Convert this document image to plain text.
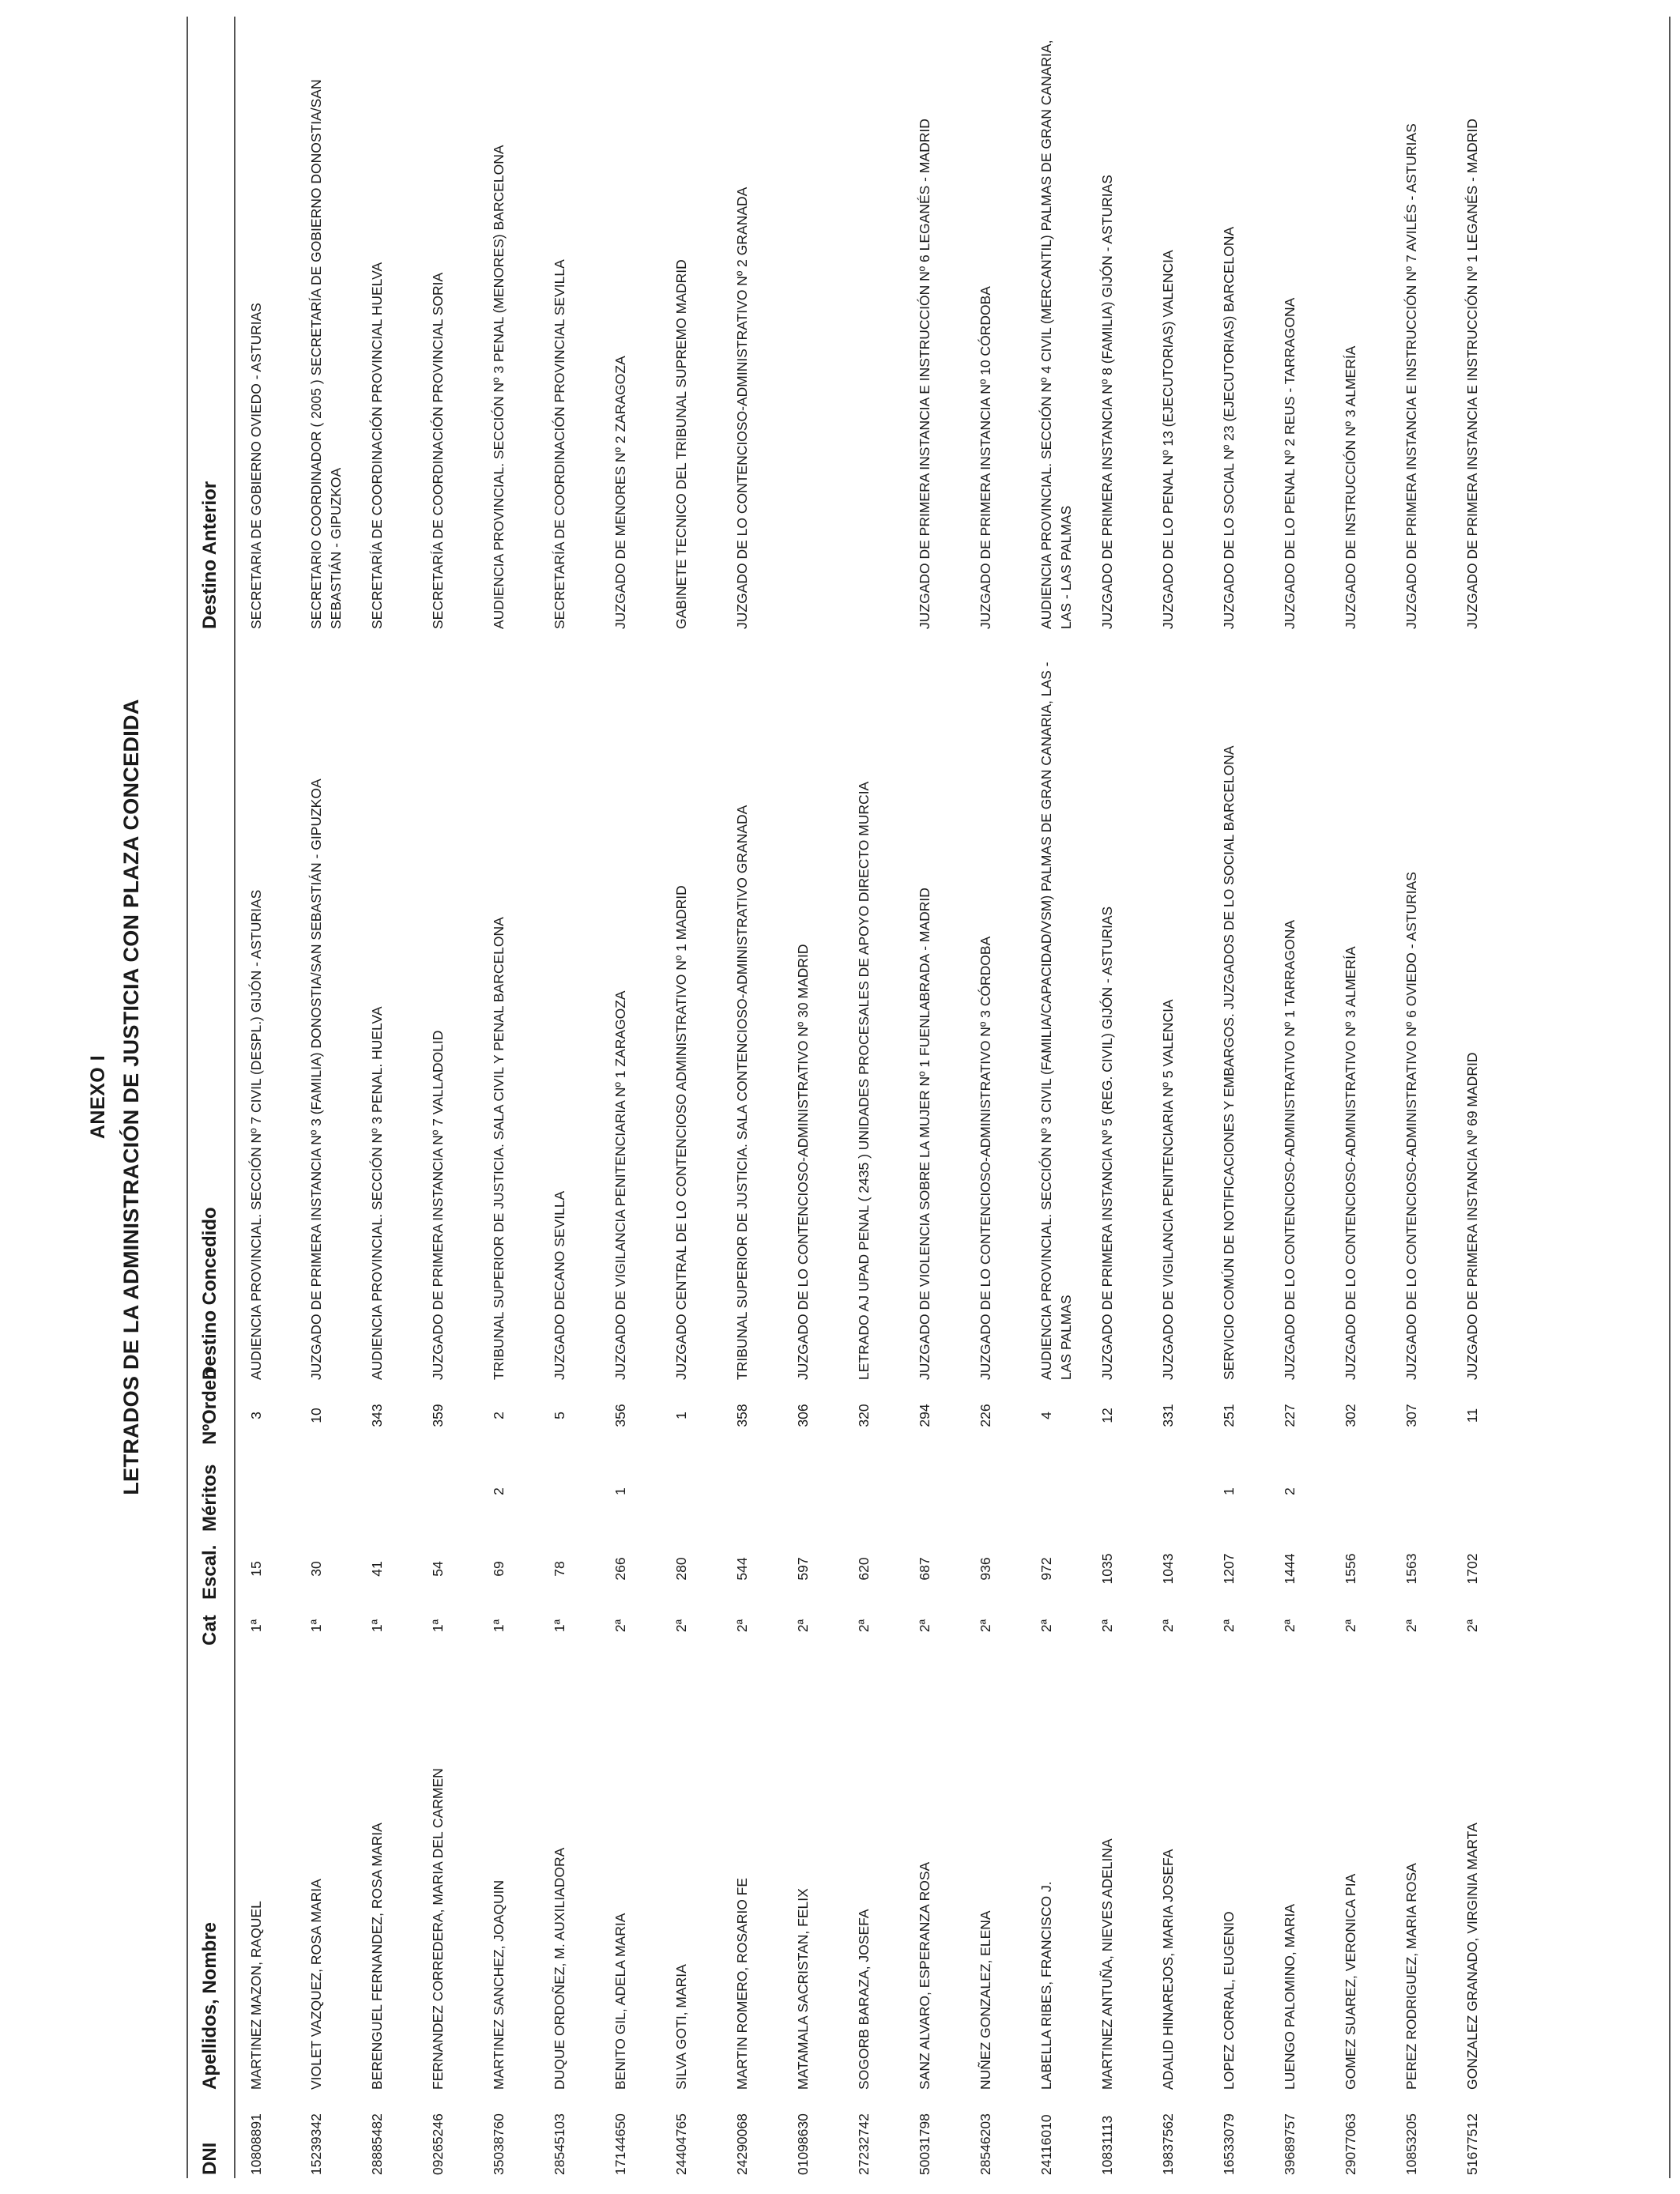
ANEXO I LETRADOS DE LA ADMINISTRACIÓN DE JUSTICIA CON PLAZA CONCEDIDA
DNI	Apellidos, Nombre	Cat	Escal.	Méritos	NºOrden	Destino Concedido	Destino Anterior
10808891	MARTINEZ MAZON, RAQUEL	1ª	15		3	AUDIENCIA PROVINCIAL. SECCIÓN Nº 7 CIVIL (DESPL.) GIJÓN - ASTURIAS	SECRETARIA DE GOBIERNO OVIEDO - ASTURIAS
15239342	VIOLET VAZQUEZ, ROSA MARIA	1ª	30		10	JUZGADO DE PRIMERA INSTANCIA Nº 3 (FAMILIA) DONOSTIA/SAN SEBASTIÁN - GIPUZKOA	SECRETARIO COORDINADOR ( 2005 ) SECRETARÍA DE GOBIERNO DONOSTIA/SAN SEBASTIÁN - GIPUZKOA
28885482	BERENGUEL FERNANDEZ, ROSA MARIA	1ª	41		343	AUDIENCIA PROVINCIAL. SECCIÓN Nº 3 PENAL. HUELVA	SECRETARÍA DE COORDINACIÓN PROVINCIAL HUELVA
09265246	FERNANDEZ CORREDERA, MARIA DEL CARMEN	1ª	54		359	JUZGADO DE PRIMERA INSTANCIA Nº 7 VALLADOLID	SECRETARÍA DE COORDINACIÓN PROVINCIAL SORIA
35038760	MARTINEZ SANCHEZ, JOAQUIN	1ª	69	2	2	TRIBUNAL SUPERIOR DE JUSTICIA. SALA CIVIL Y PENAL BARCELONA	AUDIENCIA PROVINCIAL. SECCIÓN Nº 3 PENAL (MENORES) BARCELONA
28545103	DUQUE ORDOÑEZ, M. AUXILIADORA	1ª	78		5	JUZGADO DECANO SEVILLA	SECRETARÍA DE COORDINACIÓN PROVINCIAL SEVILLA
17144650	BENITO GIL, ADELA MARIA	2ª	266	1	356	JUZGADO DE VIGILANCIA PENITENCIARIA Nº 1 ZARAGOZA	JUZGADO DE MENORES Nº 2 ZARAGOZA
24404765	SILVA GOTI, MARIA	2ª	280		1	JUZGADO CENTRAL DE LO CONTENCIOSO ADMINISTRATIVO Nº 1 MADRID	GABINETE TECNICO DEL TRIBUNAL SUPREMO MADRID
24290068	MARTIN ROMERO, ROSARIO FE	2ª	544		358	TRIBUNAL SUPERIOR DE JUSTICIA. SALA CONTENCIOSO-ADMINISTRATIVO GRANADA	JUZGADO DE LO CONTENCIOSO-ADMINISTRATIVO Nº 2 GRANADA
01098630	MATAMALA SACRISTAN, FELIX	2ª	597		306	JUZGADO DE LO CONTENCIOSO-ADMINISTRATIVO Nº 30 MADRID	
27232742	SOGORB BARAZA, JOSEFA	2ª	620		320	LETRADO AJ UPAD PENAL ( 2435 ) UNIDADES PROCESALES DE APOYO DIRECTO MURCIA	
50031798	SANZ ALVARO, ESPERANZA ROSA	2ª	687		294	JUZGADO DE VIOLENCIA SOBRE LA MUJER Nº 1 FUENLABRADA - MADRID	JUZGADO DE PRIMERA INSTANCIA E INSTRUCCIÓN Nº 6 LEGANÉS - MADRID
28546203	NUÑEZ GONZALEZ, ELENA	2ª	936		226	JUZGADO DE LO CONTENCIOSO-ADMINISTRATIVO Nº 3 CÓRDOBA	JUZGADO DE PRIMERA INSTANCIA Nº 10 CÓRDOBA
24116010	LABELLA RIBES, FRANCISCO J.	2ª	972		4	AUDIENCIA PROVINCIAL. SECCIÓN Nº 3 CIVIL (FAMILIA/CAPACIDAD/VSM) PALMAS DE GRAN CANARIA, LAS - LAS PALMAS	AUDIENCIA PROVINCIAL. SECCIÓN Nº 4 CIVIL (MERCANTIL) PALMAS DE GRAN CANARIA, LAS - LAS PALMAS
10831113	MARTINEZ ANTUÑA, NIEVES ADELINA	2ª	1035		12	JUZGADO DE PRIMERA INSTANCIA Nº 5 (REG. CIVIL) GIJÓN - ASTURIAS	JUZGADO DE PRIMERA INSTANCIA Nº 8 (FAMILIA) GIJÓN - ASTURIAS
19837562	ADALID HINAREJOS, MARIA JOSEFA	2ª	1043		331	JUZGADO DE VIGILANCIA PENITENCIARIA Nº 5 VALENCIA	JUZGADO DE LO PENAL Nº 13 (EJECUTORIAS) VALENCIA
16533079	LOPEZ CORRAL, EUGENIO	2ª	1207	1	251	SERVICIO COMÚN DE NOTIFICACIONES Y EMBARGOS. JUZGADOS DE LO SOCIAL BARCELONA	JUZGADO DE LO SOCIAL Nº 23 (EJECUTORIAS) BARCELONA
39689757	LUENGO PALOMINO, MARIA	2ª	1444	2	227	JUZGADO DE LO CONTENCIOSO-ADMINISTRATIVO Nº 1 TARRAGONA	JUZGADO DE LO PENAL Nº 2 REUS - TARRAGONA
29077063	GOMEZ SUAREZ, VERONICA PIA	2ª	1556		302	JUZGADO DE LO CONTENCIOSO-ADMINISTRATIVO Nº 3 ALMERÍA	JUZGADO DE INSTRUCCIÓN Nº 3 ALMERÍA
10853205	PEREZ RODRIGUEZ, MARIA ROSA	2ª	1563		307	JUZGADO DE LO CONTENCIOSO-ADMINISTRATIVO Nº 6 OVIEDO - ASTURIAS	JUZGADO DE PRIMERA INSTANCIA E INSTRUCCIÓN Nº 7 AVILÉS - ASTURIAS
51677512	GONZALEZ GRANADO, VIRGINIA MARTA	2ª	1702		11	JUZGADO DE PRIMERA INSTANCIA Nº 69 MADRID	JUZGADO DE PRIMERA INSTANCIA E INSTRUCCIÓN Nº 1 LEGANÉS - MADRID
